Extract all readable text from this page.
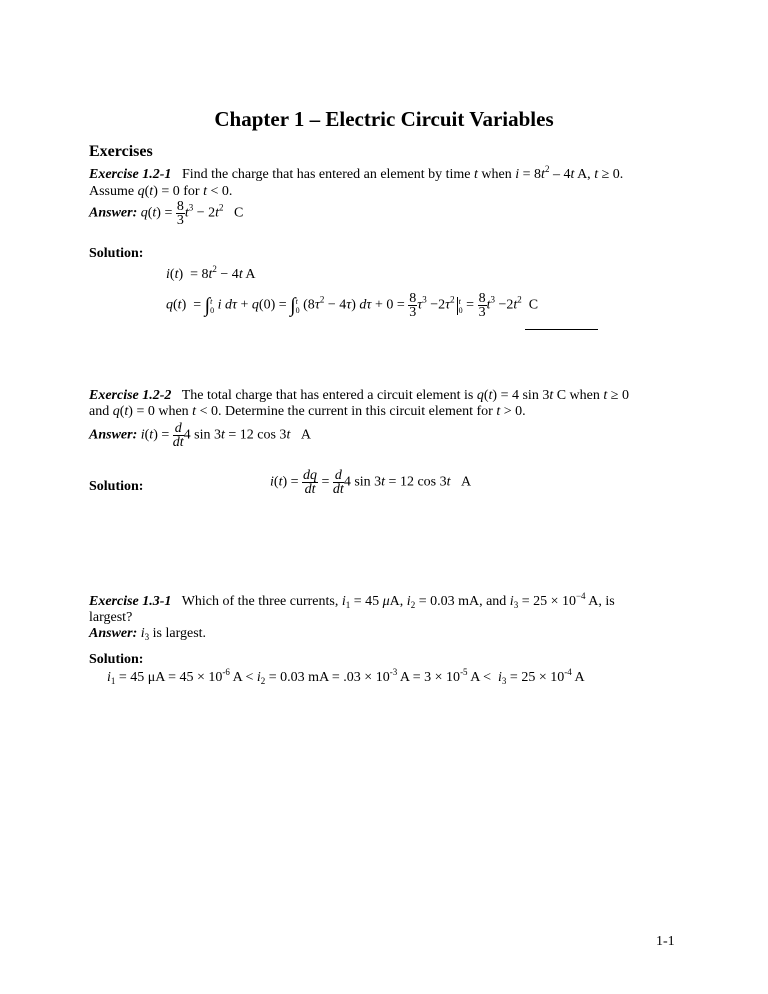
Chapter 1 – Electric Circuit Variables
Exercises
Exercise 1.2-1 Find the charge that has entered an element by time t when $i = 8t^2 - 4t$ A, t ≥ 0.
Assume q(t) = 0 for t < 0.
Answer: $q(t) = \frac{8}{3} t^3 - 2t^2$   C
Solution:
$i(t) = 8t^2 - 4t$ A
q(t)  = ∫ t
0 i dτ + q(0) = ∫ t
0 $(8\tau^2 - 4\tau) d\tau + 0 = \frac{8}{3} \tau^3 -2\tau^2$ t
$0 = \frac{8}{3} t^3 -2t^2$  C
Exercise 1.2-2 The total charge that has entered a circuit element is q(t) = 4 sin 3t C when t ≥ 0
and q(t) = 0 when t < 0. Determine the current in this circuit element for t > 0.
Answer: $i(t) = \frac{d}{dt} 4$ sin 3t = 12 cos 3t   A
Solution:	$i(t) = \frac{dq}{dt} = \frac{d}{dt} 4$ sin 3t = 12 cos 3t   A
Exercise 1.3-1 Which of the three currents, $i_1 = 45$ μA, $i_2 = 0.03$ mA, and $i_3 = 25 \times 10^{-4}$ A, is
largest?
Answer: $i_3$ is largest.
Solution:
$i_1 = 45$ $\mu A = 45 \times 10^{-6}$ $A < i_2 = 0.03$ mA = $.03 \times 10^{-3}$ $A = 3 \times 10^{-5}$ $A < i_3 = 25 \times 10^{-4}$ A
1-1
